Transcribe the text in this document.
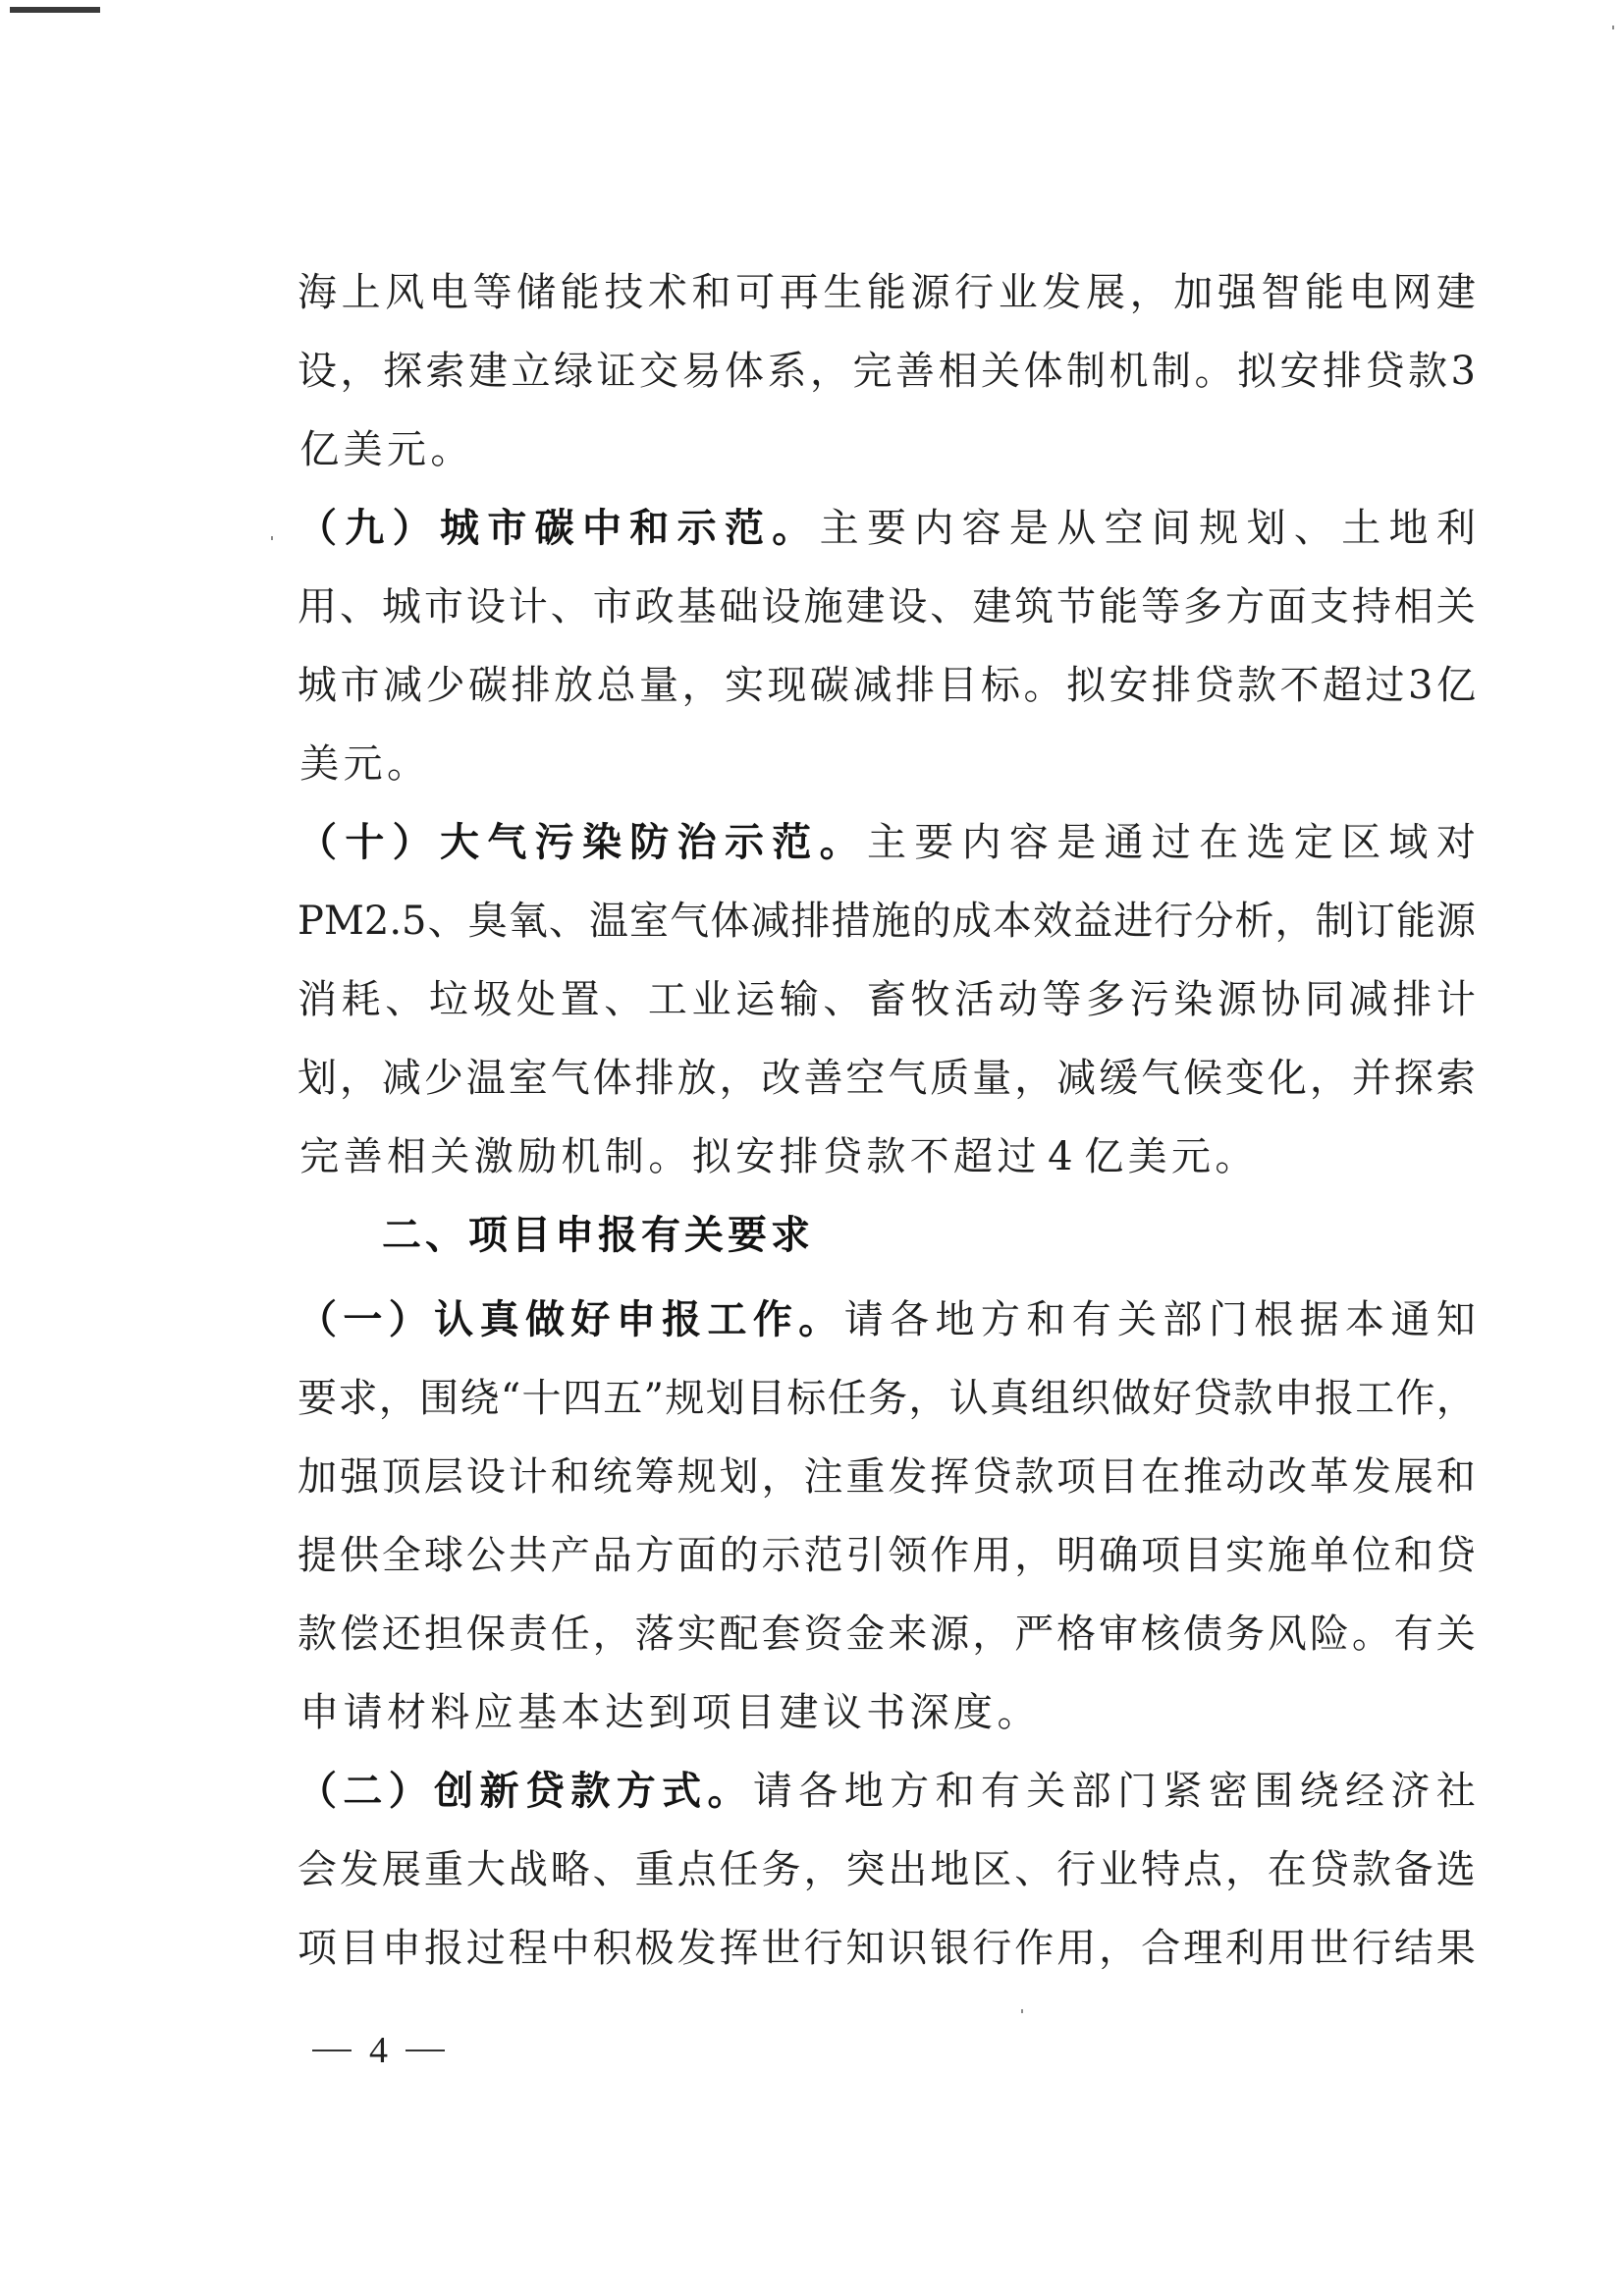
海 上 风 电 等 储 能 技 术 和 可 再 生 能 源 行 业 发 展 ， 加 强 智 能 电 网 建
设 ， 探 索 建 立 绿 证 交 易 体 系 ， 完 善 相 关 体 制 机 制 。 拟 安 排 贷 款 3
亿 美 元 。
（ 九 ） 城 市 碳 中 和 示 范 。 主 要 内 容 是 从 空 间 规 划 、 土 地 利
用 、 城 市 设 计 、 市 政 基 础 设 施 建 设 、 建 筑 节 能 等 多 方 面 支 持 相 关
城 市 减 少 碳 排 放 总 量 ， 实 现 碳 减 排 目 标 。 拟 安 排 贷 款 不 超 过 3 亿
美 元 。
（ 十 ） 大 气 污 染 防 治 示 范 。 主 要 内 容 是 通 过 在 选 定 区 域 对
PM2.5 、 臭 氧 、 温 室 气 体 减 排 措 施 的 成 本 效 益 进 行 分 析 ， 制 订 能 源
消 耗 、 垃 圾 处 置 、 工 业 运 输 、 畜 牧 活 动 等 多 污 染 源 协 同 减 排 计
划 ， 减 少 温 室 气 体 排 放 ， 改 善 空 气 质 量 ， 减 缓 气 候 变 化 ， 并 探 索
完 善 相 关 激 励 机 制 。 拟 安 排 贷 款 不 超 过 4 亿 美 元 。
二、项目申报有关要求
（ 一 ） 认 真 做 好 申 报 工 作 。 请 各 地 方 和 有 关 部 门 根 据 本 通 知
要 求 ， 围 绕 “ 十 四 五 ” 规 划 目 标 任 务 ， 认 真 组 织 做 好 贷 款 申 报 工 作 ，
加 强 顶 层 设 计 和 统 筹 规 划 ， 注 重 发 挥 贷 款 项 目 在 推 动 改 革 发 展 和
提 供 全 球 公 共 产 品 方 面 的 示 范 引 领 作 用 ， 明 确 项 目 实 施 单 位 和 贷
款 偿 还 担 保 责 任 ， 落 实 配 套 资 金 来 源 ， 严 格 审 核 债 务 风 险 。 有 关
申 请 材 料 应 基 本 达 到 项 目 建 议 书 深 度 。
（ 二 ） 创 新 贷 款 方 式 。 请 各 地 方 和 有 关 部 门 紧 密 围 绕 经 济 社
会 发 展 重 大 战 略 、 重 点 任 务 ， 突 出 地 区 、 行 业 特 点 ， 在 贷 款 备 选
项 目 申 报 过 程 中 积 极 发 挥 世 行 知 识 银 行 作 用 ， 合 理 利 用 世 行 结 果
4
